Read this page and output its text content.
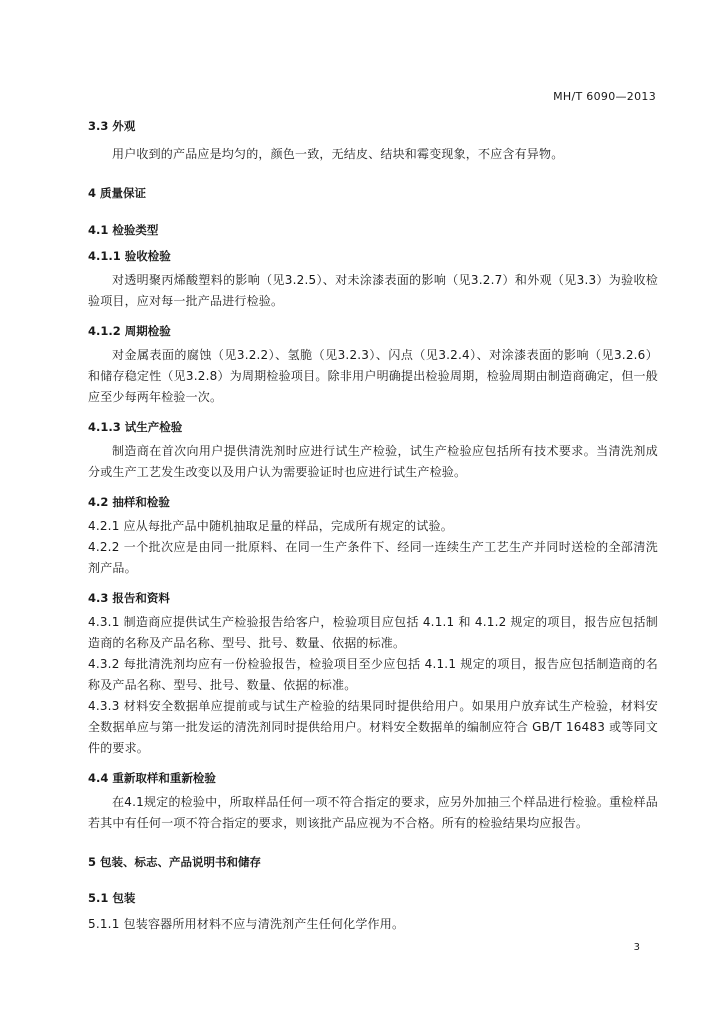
MH/T 6090—2013
3.3 外观
用户收到的产品应是均匀的，颜色一致，无结皮、结块和霉变现象，不应含有异物。
4 质量保证
4.1 检验类型
4.1.1 验收检验
对透明聚丙烯酸塑料的影响（见3.2.5）、对未涂漆表面的影响（见3.2.7）和外观（见3.3）为验收检验项目，应对每一批产品进行检验。
4.1.2 周期检验
对金属表面的腐蚀（见3.2.2）、氢脆（见3.2.3）、闪点（见3.2.4）、对涂漆表面的影响（见3.2.6）和储存稳定性（见3.2.8）为周期检验项目。除非用户明确提出检验周期，检验周期由制造商确定，但一般应至少每两年检验一次。
4.1.3 试生产检验
制造商在首次向用户提供清洗剂时应进行试生产检验，试生产检验应包括所有技术要求。当清洗剂成分或生产工艺发生改变以及用户认为需要验证时也应进行试生产检验。
4.2 抽样和检验
4.2.1 应从每批产品中随机抽取足量的样品，完成所有规定的试验。
4.2.2 一个批次应是由同一批原料、在同一生产条件下、经同一连续生产工艺生产并同时送检的全部清洗剂产品。
4.3 报告和资料
4.3.1 制造商应提供试生产检验报告给客户，检验项目应包括 4.1.1 和 4.1.2 规定的项目，报告应包括制造商的名称及产品名称、型号、批号、数量、依据的标准。
4.3.2 每批清洗剂均应有一份检验报告，检验项目至少应包括 4.1.1 规定的项目，报告应包括制造商的名称及产品名称、型号、批号、数量、依据的标准。
4.3.3 材料安全数据单应提前或与试生产检验的结果同时提供给用户。如果用户放弃试生产检验，材料安全数据单应与第一批发运的清洗剂同时提供给用户。材料安全数据单的编制应符合 GB/T 16483 或等同文件的要求。
4.4 重新取样和重新检验
在4.1规定的检验中，所取样品任何一项不符合指定的要求，应另外加抽三个样品进行检验。重检样品若其中有任何一项不符合指定的要求，则该批产品应视为不合格。所有的检验结果均应报告。
5 包装、标志、产品说明书和储存
5.1 包装
5.1.1 包装容器所用材料不应与清洗剂产生任何化学作用。
3
